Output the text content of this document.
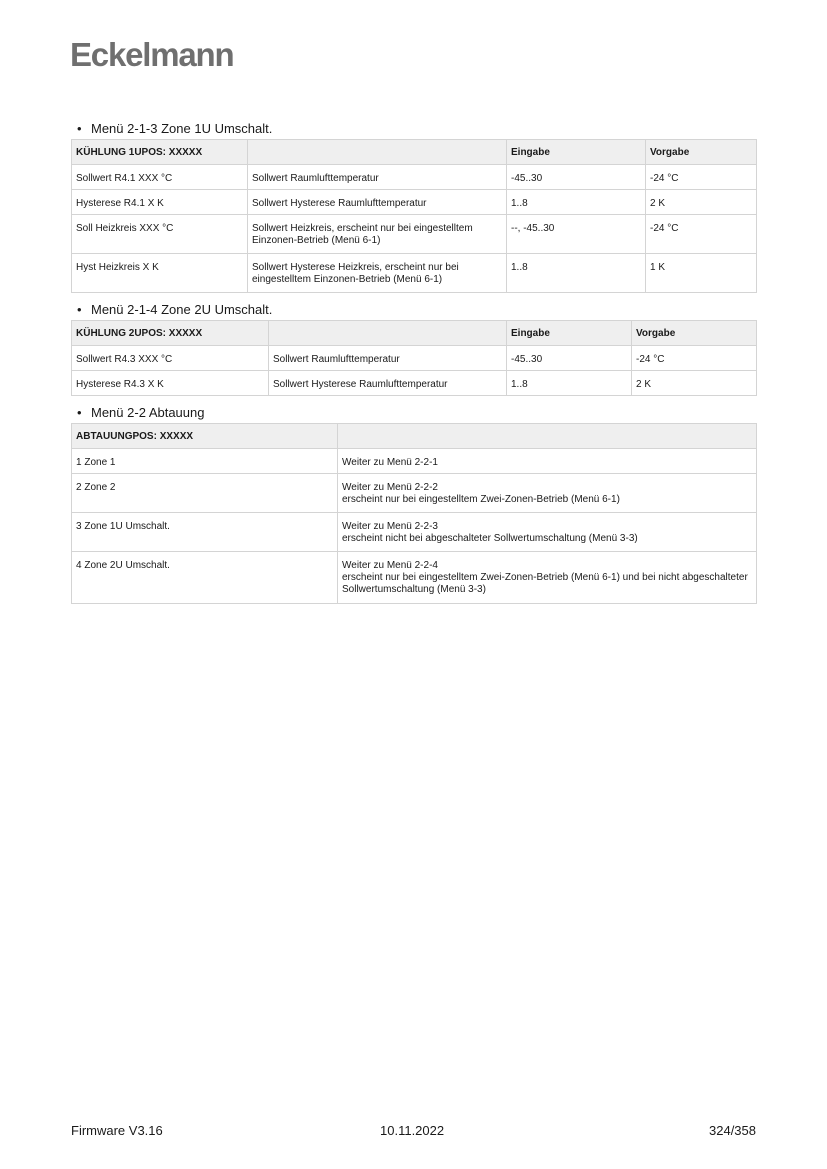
Eckelmann
• Menü 2-1-3 Zone 1U Umschalt.
KÜHLUNG 1UPOS: XXXXX		Eingabe	Vorgabe
Sollwert R4.1 XXX °C	Sollwert Raumlufttemperatur	-45..30	-24 °C
Hysterese R4.1 X K	Sollwert Hysterese Raumlufttemperatur	1..8	2 K
Soll Heizkreis XXX °C	Sollwert Heizkreis, erscheint nur bei eingestelltem Einzonen-Betrieb (Menü 6-1)	--, -45..30	-24 °C
Hyst Heizkreis X K	Sollwert Hysterese Heizkreis, erscheint nur bei eingestelltem Einzonen-Betrieb (Menü 6-1)	1..8	1 K
• Menü 2-1-4 Zone 2U Umschalt.
KÜHLUNG 2UPOS: XXXXX		Eingabe	Vorgabe
Sollwert R4.3 XXX °C	Sollwert Raumlufttemperatur	-45..30	-24 °C
Hysterese R4.3 X K	Sollwert Hysterese Raumlufttemperatur	1..8	2 K
• Menü 2-2 Abtauung
ABTAUUNGPOS: XXXXX	
1 Zone 1	Weiter zu Menü 2-2-1
2 Zone 2	Weiter zu Menü 2-2-2
erscheint nur bei eingestelltem Zwei-Zonen-Betrieb (Menü 6-1)

3 Zone 1U Umschalt.	Weiter zu Menü 2-2-3
erscheint nicht bei abgeschalteter Sollwertumschaltung (Menü 3-3)

4 Zone 2U Umschalt.	Weiter zu Menü 2-2-4
erscheint nur bei eingestelltem Zwei-Zonen-Betrieb (Menü 6-1) und bei nicht abgeschalteter Sollwertumschaltung (Menü 3-3)
Firmware V3.16	10.11.2022	324/358
